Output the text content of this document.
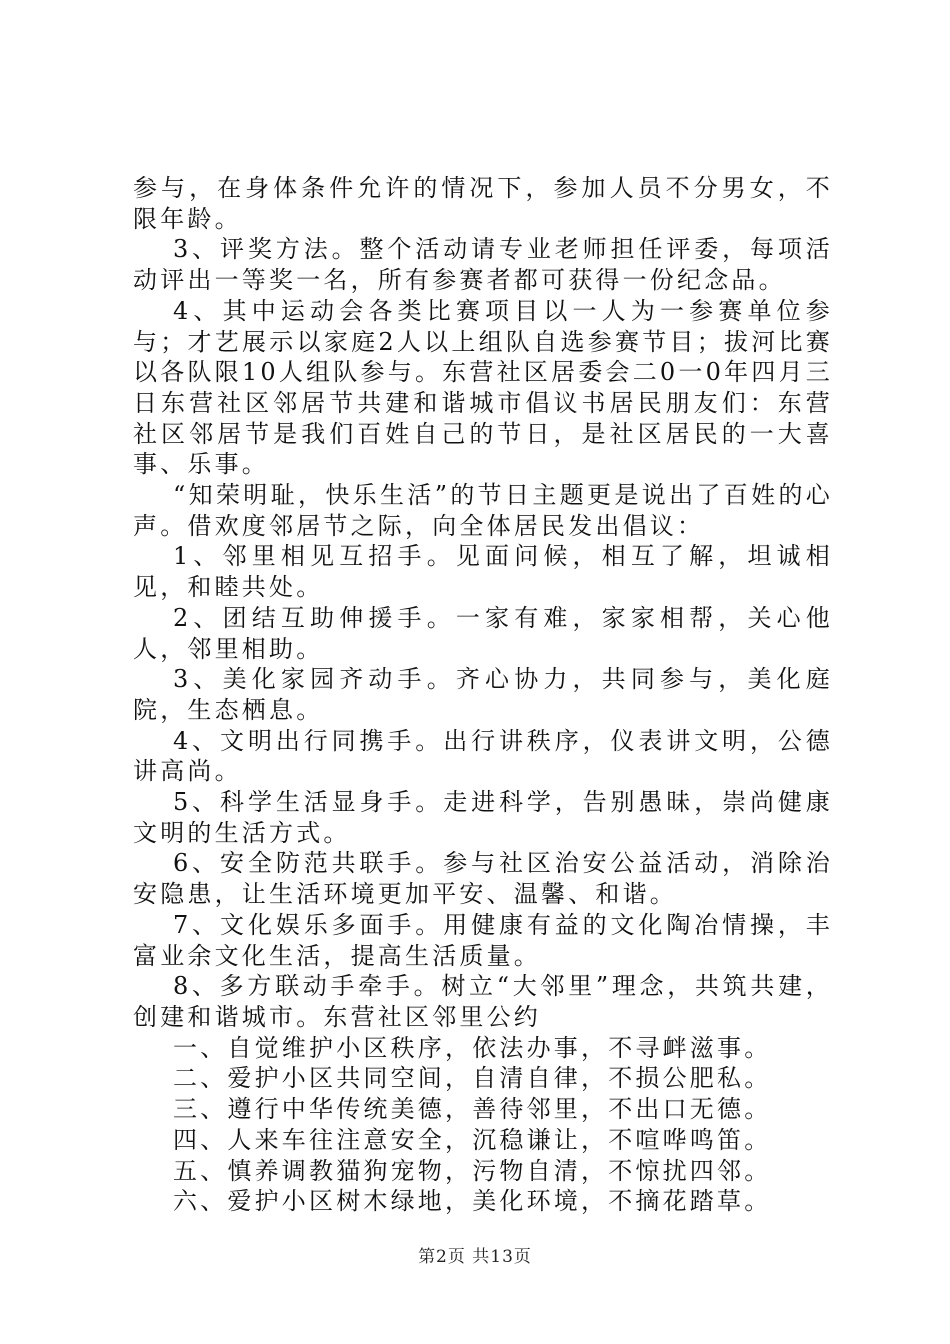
参与，在身体条件允许的情况下，参加人员不分男女，不限年龄。

3、评奖方法。整个活动请专业老师担任评委，每项活动评出一等奖一名，所有参赛者都可获得一份纪念品。

4、其中运动会各类比赛项目以一人为一参赛单位参与；才艺展示以家庭2人以上组队自选参赛节目；拔河比赛以各队限10人组队参与。东营社区居委会二0一0年四月三日东营社区邻居节共建和谐城市倡议书居民朋友们：东营社区邻居节是我们百姓自己的节日，是社区居民的一大喜事、乐事。

“知荣明耻，快乐生活”的节日主题更是说出了百姓的心声。借欢度邻居节之际，向全体居民发出倡议：

1、邻里相见互招手。见面问候，相互了解，坦诚相见，和睦共处。

2、团结互助伸援手。一家有难，家家相帮，关心他人，邻里相助。

3、美化家园齐动手。齐心协力，共同参与，美化庭院，生态栖息。

4、文明出行同携手。出行讲秩序，仪表讲文明，公德讲高尚。

5、科学生活显身手。走进科学，告别愚昧，崇尚健康文明的生活方式。

6、安全防范共联手。参与社区治安公益活动，消除治安隐患，让生活环境更加平安、温馨、和谐。

7、文化娱乐多面手。用健康有益的文化陶冶情操，丰富业余文化生活，提高生活质量。

8、多方联动手牵手。树立“大邻里”理念，共筑共建，创建和谐城市。东营社区邻里公约

一、自觉维护小区秩序，依法办事，不寻衅滋事。

二、爱护小区共同空间，自清自律，不损公肥私。

三、遵行中华传统美德，善待邻里，不出口无德。

四、人来车往注意安全，沉稳谦让，不喧哗鸣笛。

五、慎养调教猫狗宠物，污物自清，不惊扰四邻。

六、爱护小区树木绿地，美化环境，不摘花踏草。

第2页 共13页
